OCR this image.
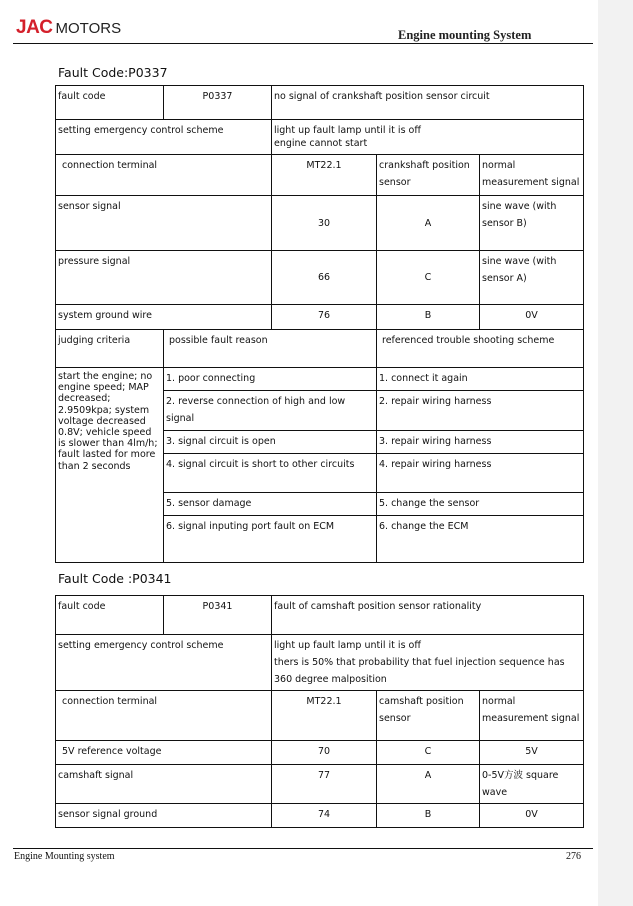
JAC MOTORS	Engine mounting System
Fault Code:P0337
fault code	P0337	no signal of crankshaft position sensor circuit		
setting emergency control scheme		light up fault lamp until it is off
engine cannot start		

connection terminal		MT22.1	crankshaft position sensor	normal measurement signal
sensor signal		30	A	sine wave (with sensor B)
pressure signal		66	C	sine wave (with sensor A)
system ground wire		76	B	0V
judging criteria	possible fault reason		referenced trouble shooting scheme	
start the engine; no engine speed; MAP decreased; 2.9509kpa; system voltage decreased 0.8V; vehicle speed is slower than 4lm/h; fault lasted for more than 2 seconds	1. poor connecting		1. connect it again	
	2. reverse connection of high and low signal		2. repair wiring harness	
	3. signal circuit is open		3. repair wiring harness	
	4. signal circuit is short to other circuits		4. repair wiring harness	
	5. sensor damage		5. change the sensor	
	6. signal inputing port fault on ECM		6. change the ECM	
Fault Code :P0341
fault code	P0341	fault of camshaft position sensor rationality		
setting emergency control scheme		light up fault lamp until it is off
thers is 50% that probability that fuel injection sequence has 360 degree malposition		

connection terminal		MT22.1	camshaft position sensor	normal measurement signal
5V reference voltage		70	C	5V
camshaft signal		77	A	0-5V方波 square wave
sensor signal ground		74	B	0V
Engine Mounting system	276
